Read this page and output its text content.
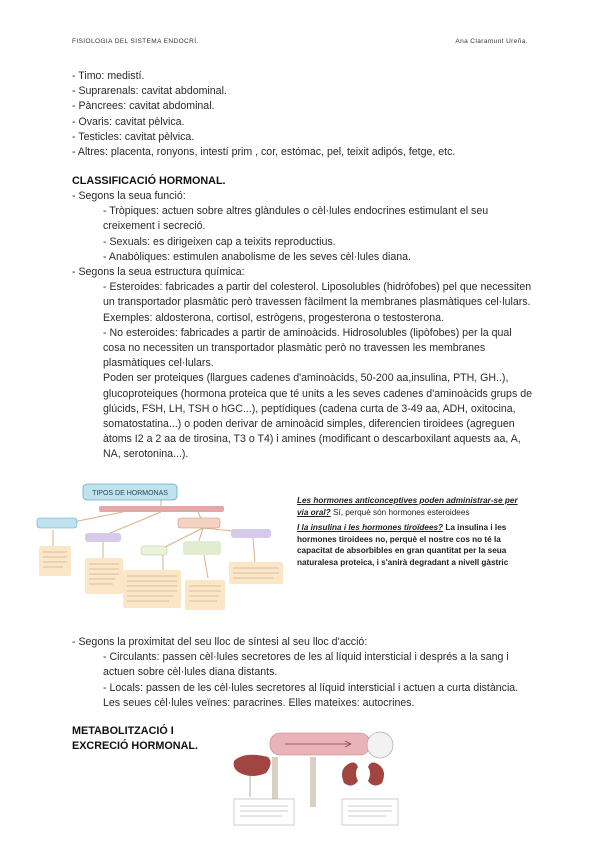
FISIOLOGIA DEL SISTEMA ENDOCRÍ.	Ana Claramunt Ureña.

- Timo: medistí.

- Suprarenals: cavitat abdominal.

- Pàncrees: cavitat abdominal.

- Ovaris: cavitat pèlvica.

- Testicles: cavitat pèlvica.

- Altres: placenta, ronyons, intestí prim , cor, estómac, pel, teixit adipós, fetge, etc.

CLASSIFICACIÓ HORMONAL.

- Segons la seua funció:

- Tròpiques: actuen sobre altres glàndules o cèl·lules endocrines estimulant el seu creixement i secreció.

- Sexuals: es dirigeixen cap a teixits reproductius.

- Anabòliques: estimulen anabolisme de les seves cèl·lules diana.

- Segons la seua estructura química:

- Esteroides: fabricades a partir del colesterol. Liposolubles (hidròfobes) pel que necessiten un transportador plasmàtic però travessen fàcilment la membranes plasmàtiques cel·lulars. Exemples: aldosterona, cortisol, estrògens, progesterona o testosterona.

- No esteroides: fabricades a partir de aminoàcids. Hidrosolubles (lipòfobes) per la qual cosa no necessiten un transportador plasmàtic però no travessen les membranes plasmàtiques cel·lulars.

Poden ser proteiques (llargues cadenes d'aminoàcids, 50-200 aa,insulina, PTH, GH..), glucoproteiques (hormona proteica que té units a les seves cadenes d'aminoàcids grups de glúcids, FSH, LH, TSH o hGC...), peptídiques (cadena curta de 3-49 aa, ADH, oxitocina, somatostatina...) o poden derivar de aminoàcid simples, diferencien tiroidees (agreguen àtoms I2 a 2 aa de tirosina, T3 o T4) i amines (modificant o descarboxilant aquests aa, A, NA, serotonina...).

TIPOS DE HORMONAS

Les hormones anticonceptives poden administrar-se per via oral? Sí, perquè són hormones esteroidees

I la insulina i les hormones tiroïdees? La insulina i les hormones tiroidees no, perquè el nostre cos no té la capacitat de absorbibles en gran quantitat per la seua naturalesa proteica, i s'anirà degradant a nivell gàstric

- Segons la proximitat del seu lloc de síntesi al seu lloc d'acció:

- Circulants: passen cèl·lules secretores de les al líquid intersticial i després a la sang i actuen sobre cèl·lules diana distants.

- Locals: passen de les cèl·lules secretores al líquid intersticial i actuen a curta distància. Les seues cèl·lules veïnes: paracrines. Elles mateixes: autocrines.

METABOLITZACIÓ I
EXCRECIÓ HORMONAL.
